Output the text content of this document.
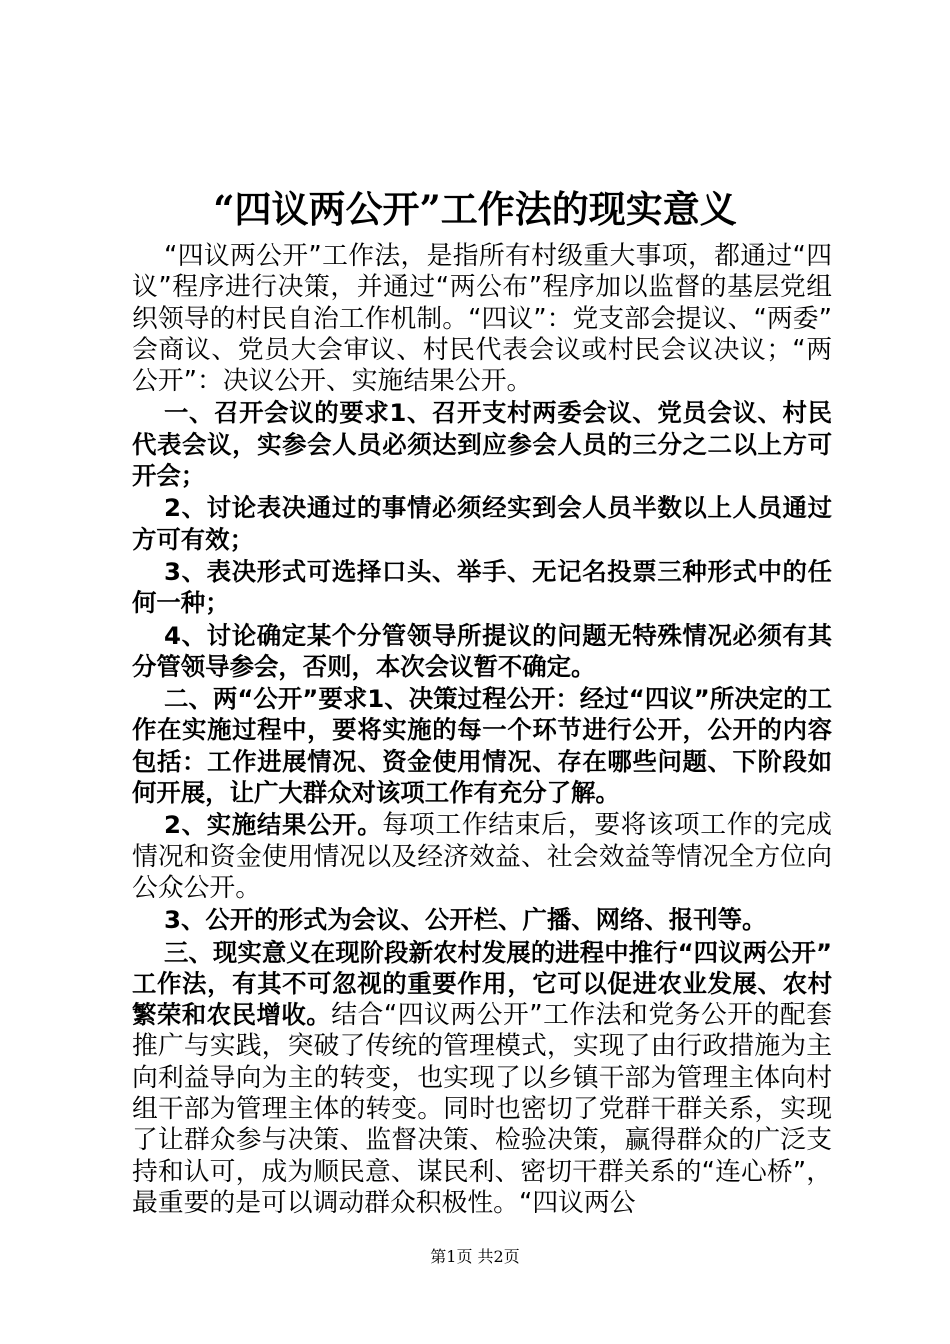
“四议两公开”工作法的现实意义

“四议两公开”工作法，是指所有村级重大事项，都通过“四议”程序进行决策，并通过“两公布”程序加以监督的基层党组织领导的村民自治工作机制。“四议”：党支部会提议、“两委”会商议、党员大会审议、村民代表会议或村民会议决议；“两公开”：决议公开、实施结果公开。

一、召开会议的要求1、召开支村两委会议、党员会议、村民代表会议，实参会人员必须达到应参会人员的三分之二以上方可开会；

2、讨论表决通过的事情必须经实到会人员半数以上人员通过方可有效；

3、表决形式可选择口头、举手、无记名投票三种形式中的任何一种；

4、讨论确定某个分管领导所提议的问题无特殊情况必须有其分管领导参会，否则，本次会议暂不确定。

二、两“公开”要求1、决策过程公开：经过“四议”所决定的工作在实施过程中，要将实施的每一个环节进行公开，公开的内容包括：工作进展情况、资金使用情况、存在哪些问题、下阶段如何开展，让广大群众对该项工作有充分了解。

2、实施结果公开。每项工作结束后，要将该项工作的完成情况和资金使用情况以及经济效益、社会效益等情况全方位向公众公开。

3、公开的形式为会议、公开栏、广播、网络、报刊等。

三、现实意义在现阶段新农村发展的进程中推行“四议两公开”工作法，有其不可忽视的重要作用，它可以促进农业发展、农村繁荣和农民增收。结合“四议两公开”工作法和党务公开的配套推广与实践，突破了传统的管理模式，实现了由行政措施为主向利益导向为主的转变，也实现了以乡镇干部为管理主体向村组干部为管理主体的转变。同时也密切了党群干群关系，实现了让群众参与决策、监督决策、检验决策，赢得群众的广泛支持和认可，成为顺民意、谋民利、密切干群关系的“连心桥”，最重要的是可以调动群众积极性。“四议两公

第1页 共2页
